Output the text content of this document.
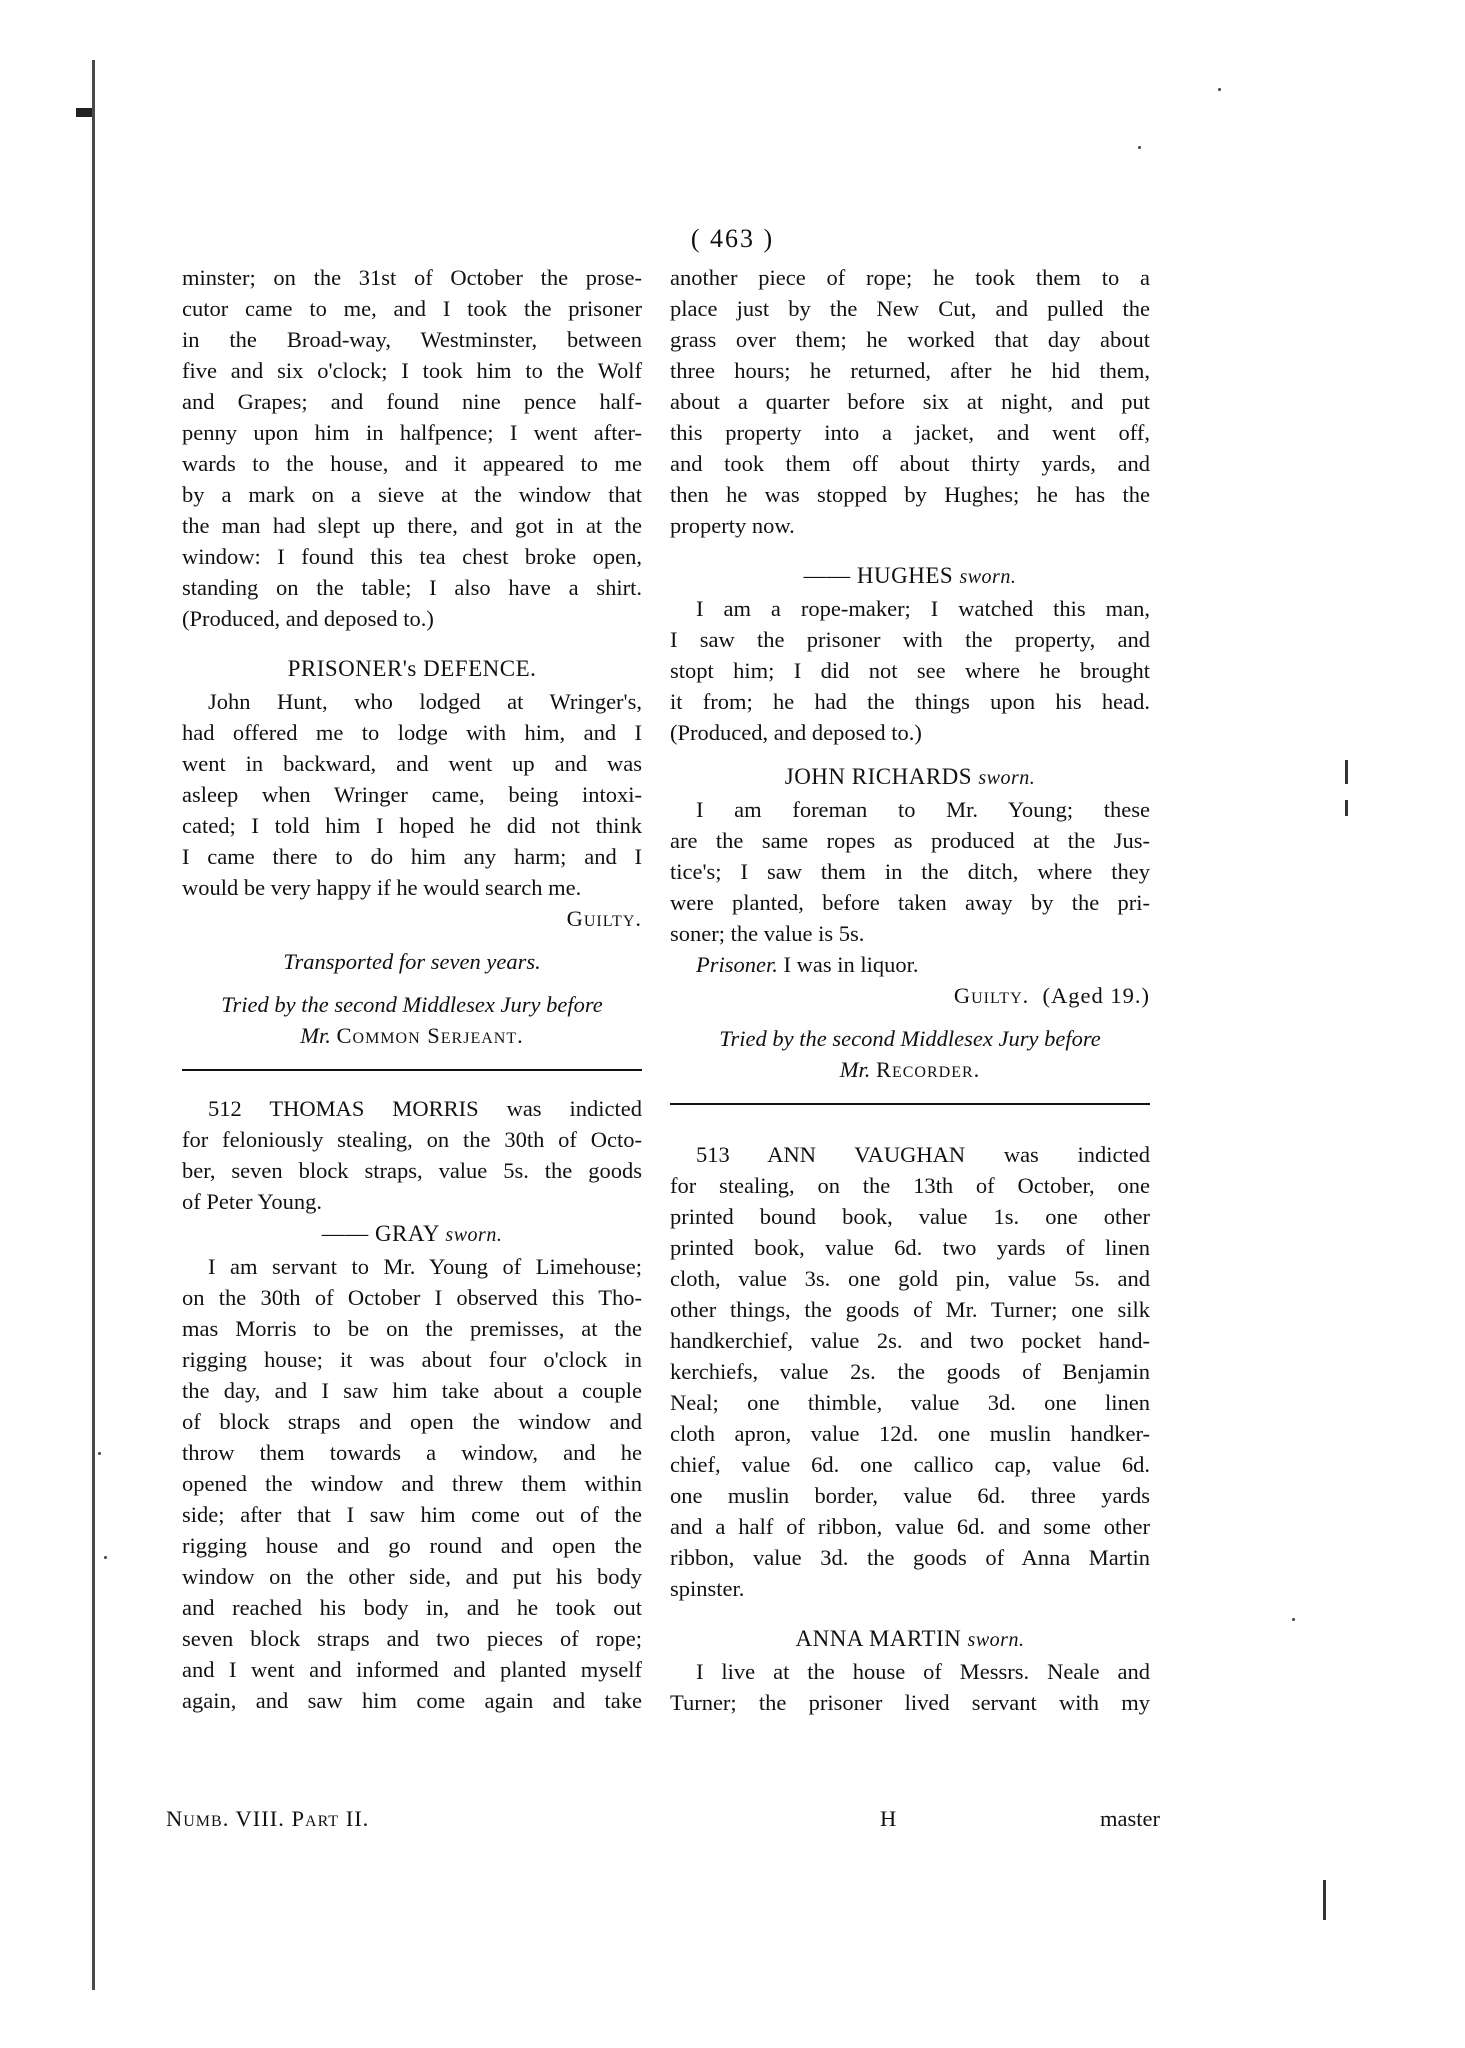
( 463 )
minster; on the 31st of October the prose-
cutor came to me, and I took the prisoner
in the Broad-way, Westminster, between
five and six o'clock; I took him to the Wolf
and Grapes; and found nine pence half-
penny upon him in halfpence; I went after-
wards to the house, and it appeared to me
by a mark on a sieve at the window that
the man had slept up there, and got in at the
window: I found this tea chest broke open,
standing on the table; I also have a shirt.
(Produced, and deposed to.)
PRISONER's DEFENCE.
John Hunt, who lodged at Wringer's,
had offered me to lodge with him, and I
went in backward, and went up and was
asleep when Wringer came, being intoxi-
cated; I told him I hoped he did not think
I came there to do him any harm; and I
would be very happy if he would search me.
Guilty.
Transported for seven years.
Tried by the second Middlesex Jury before
Mr. Common Serjeant.
512 THOMAS MORRIS was indicted
for feloniously stealing, on the 30th of Octo-
ber, seven block straps, value 5s. the goods
of Peter Young.
—— GRAY sworn.
I am servant to Mr. Young of Limehouse;
on the 30th of October I observed this Tho-
mas Morris to be on the premisses, at the
rigging house; it was about four o'clock in
the day, and I saw him take about a couple
of block straps and open the window and
throw them towards a window, and he
opened the window and threw them within
side; after that I saw him come out of the
rigging house and go round and open the
window on the other side, and put his body
and reached his body in, and he took out
seven block straps and two pieces of rope;
and I went and informed and planted myself
again, and saw him come again and take
another piece of rope; he took them to a
place just by the New Cut, and pulled the
grass over them; he worked that day about
three hours; he returned, after he hid them,
about a quarter before six at night, and put
this property into a jacket, and went off,
and took them off about thirty yards, and
then he was stopped by Hughes; he has the
property now.
—— HUGHES sworn.
I am a rope-maker; I watched this man,
I saw the prisoner with the property, and
stopt him; I did not see where he brought
it from; he had the things upon his head.
(Produced, and deposed to.)
JOHN RICHARDS sworn.
I am foreman to Mr. Young; these
are the same ropes as produced at the Jus-
tice's; I saw them in the ditch, where they
were planted, before taken away by the pri-
soner; the value is 5s.
Prisoner. I was in liquor.
Guilty. (Aged 19.)
Tried by the second Middlesex Jury before
Mr. Recorder.
513 ANN VAUGHAN was indicted
for stealing, on the 13th of October, one
printed bound book, value 1s. one other
printed book, value 6d. two yards of linen
cloth, value 3s. one gold pin, value 5s. and
other things, the goods of Mr. Turner; one silk
handkerchief, value 2s. and two pocket hand-
kerchiefs, value 2s. the goods of Benjamin
Neal; one thimble, value 3d. one linen
cloth apron, value 12d. one muslin handker-
chief, value 6d. one callico cap, value 6d.
one muslin border, value 6d. three yards
and a half of ribbon, value 6d. and some other
ribbon, value 3d. the goods of Anna Martin
spinster.
ANNA MARTIN sworn.
I live at the house of Messrs. Neale and
Turner; the prisoner lived servant with my
Numb. VIII. Part II.	H	master
